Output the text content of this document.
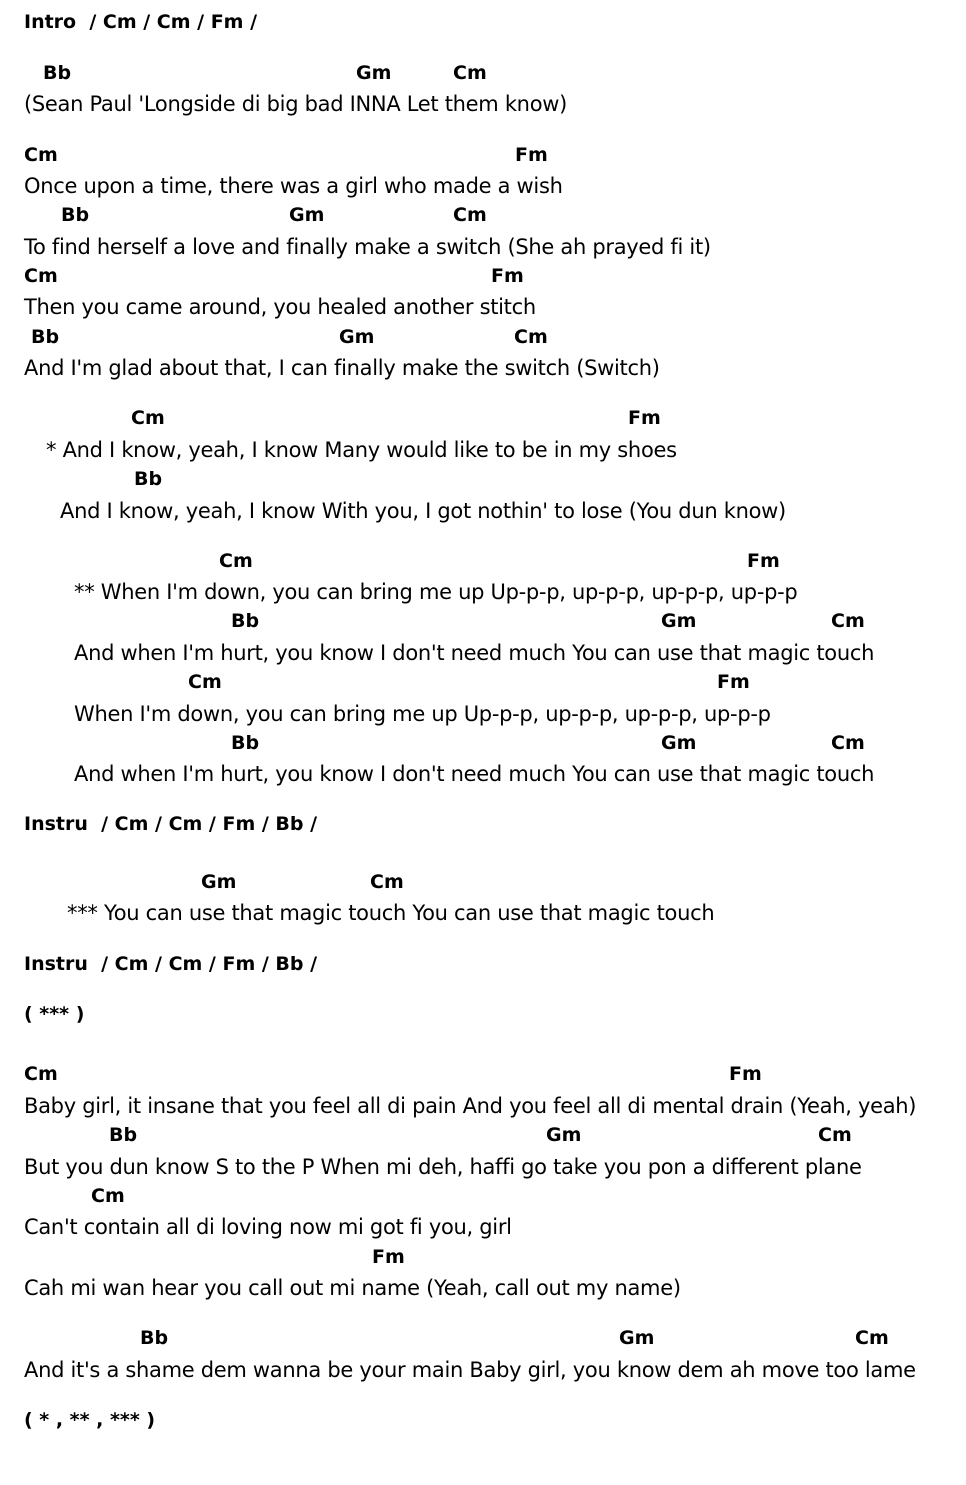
Intro  / Cm / Cm / Fm /
Bb	Gm	Cm
(Sean Paul 'Longside di big bad INNA Let them know)
Cm	Fm
Once upon a time, there was a girl who made a wish
Bb	Gm	Cm
To find herself a love and finally make a switch (She ah prayed fi it)
Cm	Fm
Then you came around, you healed another stitch
Bb	Gm	Cm
And I'm glad about that, I can finally make the switch (Switch)
Cm	Fm
* And I know, yeah, I know Many would like to be in my shoes
Bb
And I know, yeah, I know With you, I got nothin' to lose (You dun know)
Cm	Fm
** When I'm down, you can bring me up Up-p-p, up-p-p, up-p-p, up-p-p
Bb	Gm	Cm
And when I'm hurt, you know I don't need much You can use that magic touch
Cm	Fm
When I'm down, you can bring me up Up-p-p, up-p-p, up-p-p, up-p-p
Bb	Gm	Cm
And when I'm hurt, you know I don't need much You can use that magic touch
Instru  / Cm / Cm / Fm / Bb /
Gm	Cm
*** You can use that magic touch You can use that magic touch
Instru  / Cm / Cm / Fm / Bb /
( *** )
Cm	Fm
Baby girl, it insane that you feel all di pain And you feel all di mental drain (Yeah, yeah)
Bb	Gm	Cm
But you dun know S to the P When mi deh, haffi go take you pon a different plane
Cm
Can't contain all di loving now mi got fi you, girl
Fm
Cah mi wan hear you call out mi name (Yeah, call out my name)
Bb	Gm	Cm
And it's a shame dem wanna be your main Baby girl, you know dem ah move too lame
( * , ** , *** )
